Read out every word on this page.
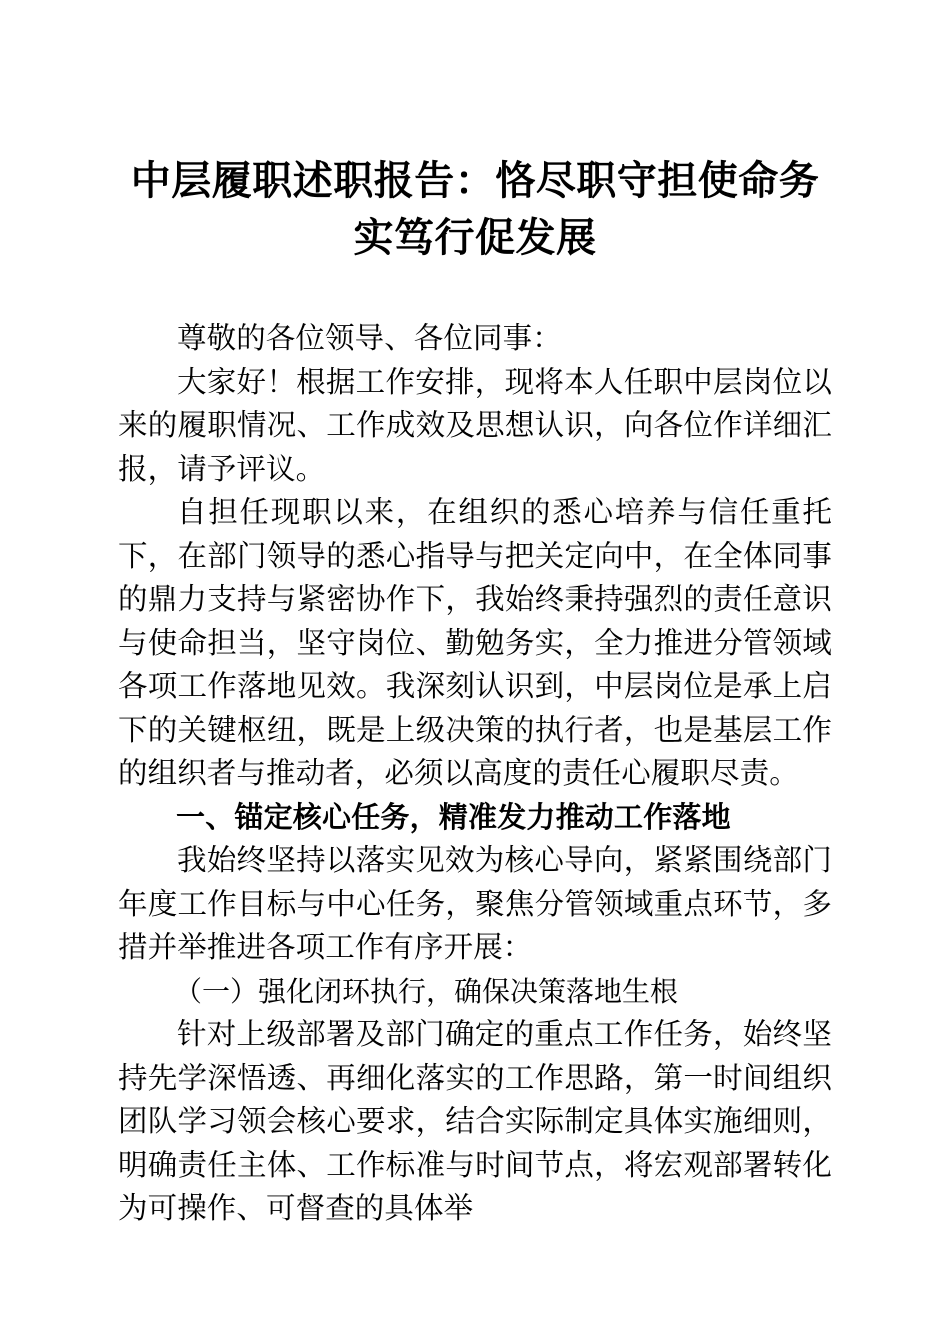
中层履职述职报告：恪尽职守担使命务
实笃行促发展

尊敬的各位领导、各位同事：

大家好！根据工作安排，现将本人任职中层岗位以来的履职情况、工作成效及思想认识，向各位作详细汇报，请予评议。

自担任现职以来，在组织的悉心培养与信任重托下，在部门领导的悉心指导与把关定向中，在全体同事的鼎力支持与紧密协作下，我始终秉持强烈的责任意识与使命担当，坚守岗位、勤勉务实，全力推进分管领域各项工作落地见效。我深刻认识到，中层岗位是承上启下的关键枢纽，既是上级决策的执行者，也是基层工作的组织者与推动者，必须以高度的责任心履职尽责。

一、锚定核心任务，精准发力推动工作落地

我始终坚持以落实见效为核心导向，紧紧围绕部门年度工作目标与中心任务，聚焦分管领域重点环节，多措并举推进各项工作有序开展：

（一）强化闭环执行，确保决策落地生根

针对上级部署及部门确定的重点工作任务，始终坚持先学深悟透、再细化落实的工作思路，第一时间组织团队学习领会核心要求，结合实际制定具体实施细则，明确责任主体、工作标准与时间节点，将宏观部署转化为可操作、可督查的具体举
